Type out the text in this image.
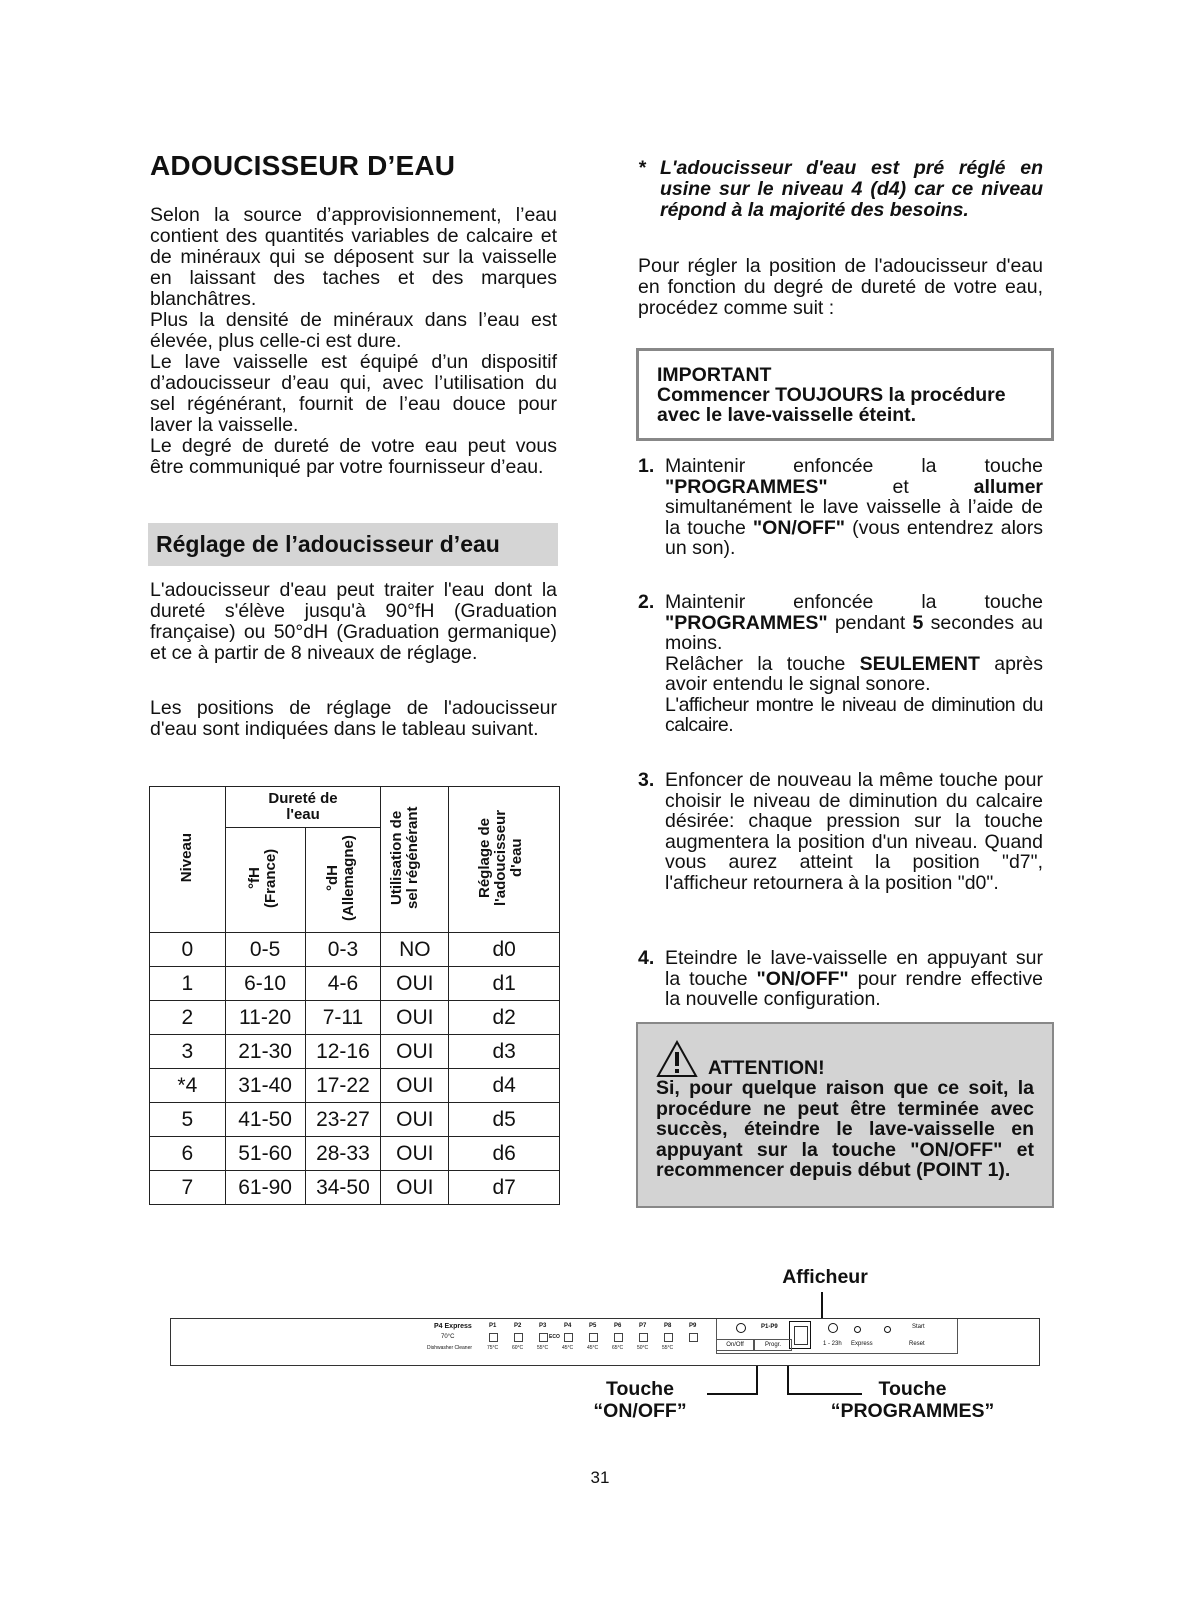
ADOUCISSEUR D’EAU

Selon la source d’approvisionnement, l’eau contient des quantités variables de calcaire et de minéraux qui se déposent sur la vaisselle en laissant des taches et des marques blanchâtres.

Plus la densité de minéraux dans l’eau est élevée, plus celle-ci est dure.

Le lave vaisselle est équipé d’un dispositif d’adoucisseur d’eau qui, avec l’utilisation du sel régénérant, fournit de l’eau douce pour laver la vaisselle.

Le degré de dureté de votre eau peut vous être communiqué par votre fournisseur d’eau.

Réglage de l’adoucisseur d’eau

L'adoucisseur d'eau peut traiter l'eau dont la dureté s'élève jusqu'à 90°fH (Graduation française) ou 50°dH (Graduation germanique) et ce à partir de 8 niveaux de réglage.

Les positions de réglage de l'adoucisseur d'eau sont indiquées dans le tableau suivant.

Niveau	Dureté de l'eau		Utilisation de sel régénérant	Réglage de l'adoucisseur d'eau
	°fH (France)	°dH (Allemagne)		
0	0-5	0-3	NO	d0
1	6-10	4-6	OUI	d1
2	11-20	7-11	OUI	d2
3	21-30	12-16	OUI	d3
*4	31-40	17-22	OUI	d4
5	41-50	23-27	OUI	d5
6	51-60	28-33	OUI	d6
7	61-90	34-50	OUI	d7
* L'adoucisseur d'eau est pré réglé en usine sur le niveau 4 (d4) car ce niveau répond à la majorité des besoins.

Pour régler la position de l'adoucisseur d'eau en fonction du degré de dureté de votre eau, procédez comme suit :

IMPORTANT
Commencer TOUJOURS la procédure avec le lave-vaisselle éteint.
1. Maintenir enfoncée la touche "PROGRAMMES"	et	allumer simultanément le lave vaisselle à l’aide de la touche "ON/OFF" (vous entendrez alors un son).
2. Maintenir enfoncée la touche "PROGRAMMES" pendant 5 secondes au moins.
Relâcher la touche SEULEMENT après avoir entendu le signal sonore.
L'afficheur montre le niveau de diminution du calcaire.
3. Enfoncer de nouveau la même touche pour choisir le niveau de diminution du calcaire désirée: chaque pression sur la touche augmentera la position d'un niveau. Quand vous aurez atteint la position "d7", l'afficheur retournera à la position "d0".
4. Eteindre le lave-vaisselle en appuyant sur la touche "ON/OFF" pour rendre effective la nouvelle configuration.
ATTENTION!
Si, pour quelque raison que ce soit, la procédure ne peut être terminée avec succès, éteindre le lave-vaisselle en appuyant sur la touche "ON/OFF" et recommencer depuis début (POINT 1).
Afficheur
P4 Express
70°C
Dishwasher Cleaner
P1
75°C
P2
60°C
P3
55°C
P4
45°C
P5
45°C
P6
65°C
P7
50°C
P8
55°C
P9
ECO
P1-P9	Start
On/Off	Progr.	1 - 23h Express	Reset
Touche
“ON/OFF”
Touche
“PROGRAMMES”
31
